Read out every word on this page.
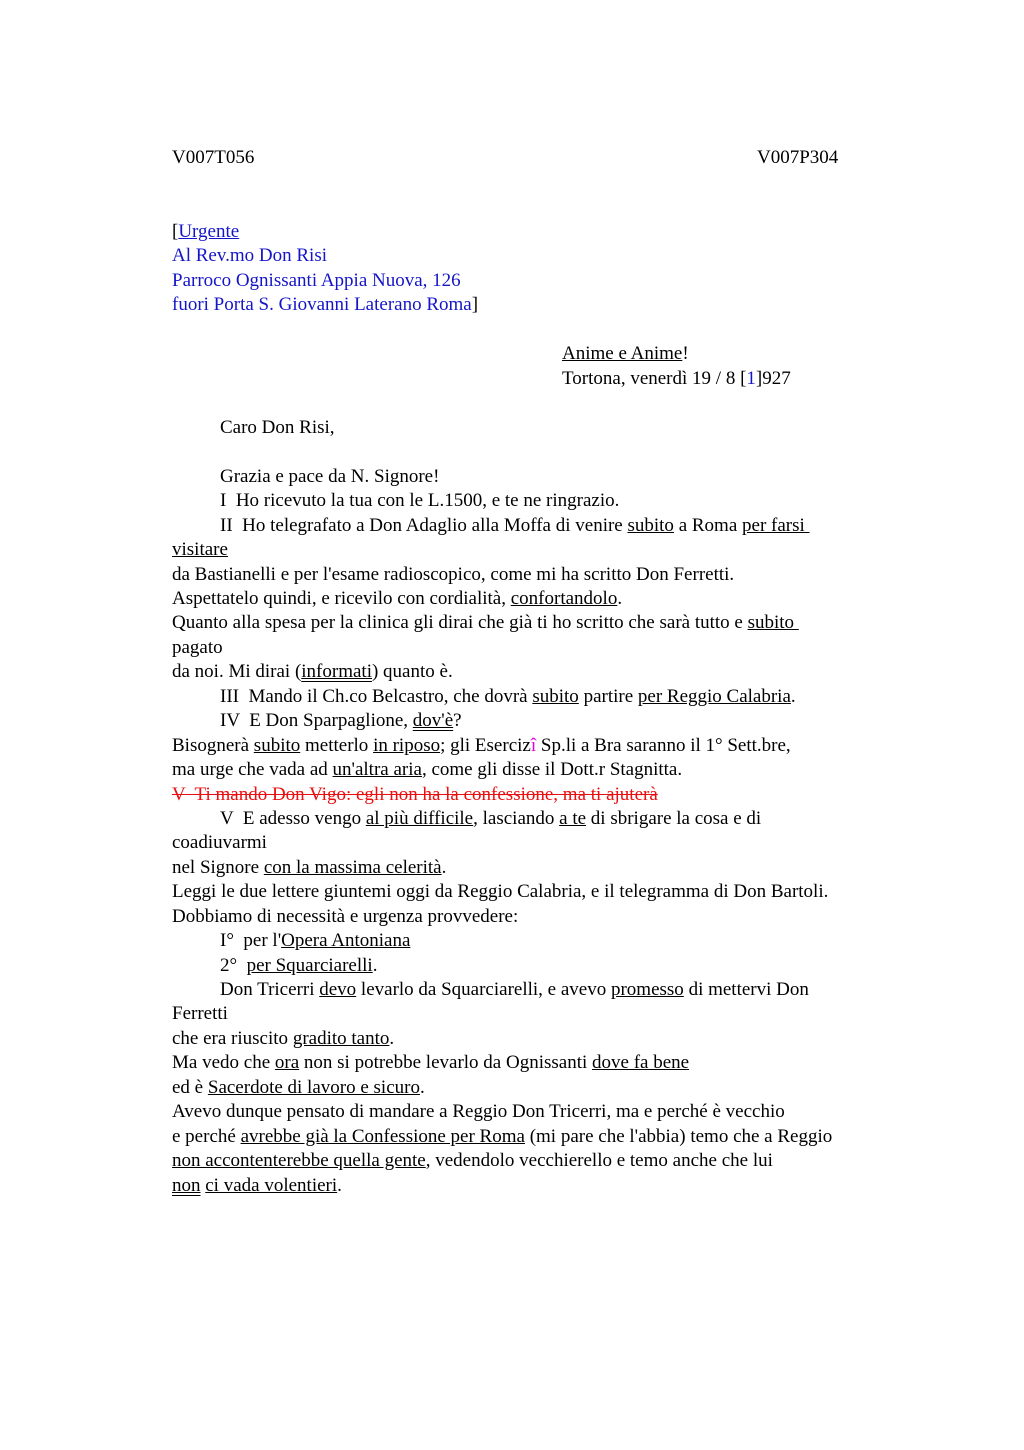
V007T056	V007P304
[Urgente
Al Rev.mo Don Risi
Parroco Ognissanti Appia Nuova, 126
fuori Porta S. Giovanni Laterano Roma]
Anime e Anime!
Tortona, venerdì 19 / 8 [1]927
Caro Don Risi,
Grazia e pace da N. Signore!
I  Ho ricevuto la tua con le L.1500, e te ne ringrazio.
II  Ho telegrafato a Don Adaglio alla Moffa di venire subito a Roma per farsi
visitare
da Bastianelli e per l'esame radioscopico, come mi ha scritto Don Ferretti.
Aspettatelo quindi, e ricevilo con cordialità, confortandolo.
Quanto alla spesa per la clinica gli dirai che già ti ho scritto che sarà tutto e subito
pagato
da noi. Mi dirai (informati) quanto è.
III  Mando il Ch.co Belcastro, che dovrà subito partire per Reggio Calabria.
IV  E Don Sparpaglione, dov'è?
Bisognerà subito metterlo in riposo; gli Esercizî Sp.li a Bra saranno il 1° Sett.bre,
ma urge che vada ad un'altra aria, come gli disse il Dott.r Stagnitta.
V  Ti mando Don Vigo: egli non ha la confessione, ma ti ajuterà
V  E adesso vengo al più difficile, lasciando a te di sbrigare la cosa e di
coadiuvarmi
nel Signore con la massima celerità.
Leggi le due lettere giuntemi oggi da Reggio Calabria, e il telegramma di Don Bartoli.
Dobbiamo di necessità e urgenza provvedere:
I°  per l'Opera Antoniana
2°  per Squarciarelli.
Don Tricerri devo levarlo da Squarciarelli, e avevo promesso di mettervi Don
Ferretti
che era riuscito gradito tanto.
Ma vedo che ora non si potrebbe levarlo da Ognissanti dove fa bene
ed è Sacerdote di lavoro e sicuro.
Avevo dunque pensato di mandare a Reggio Don Tricerri, ma e perché è vecchio
e perché avrebbe già la Confessione per Roma (mi pare che l'abbia) temo che a Reggio
non accontenterebbe quella gente, vedendolo vecchierello e temo anche che lui
non ci vada volentieri.
